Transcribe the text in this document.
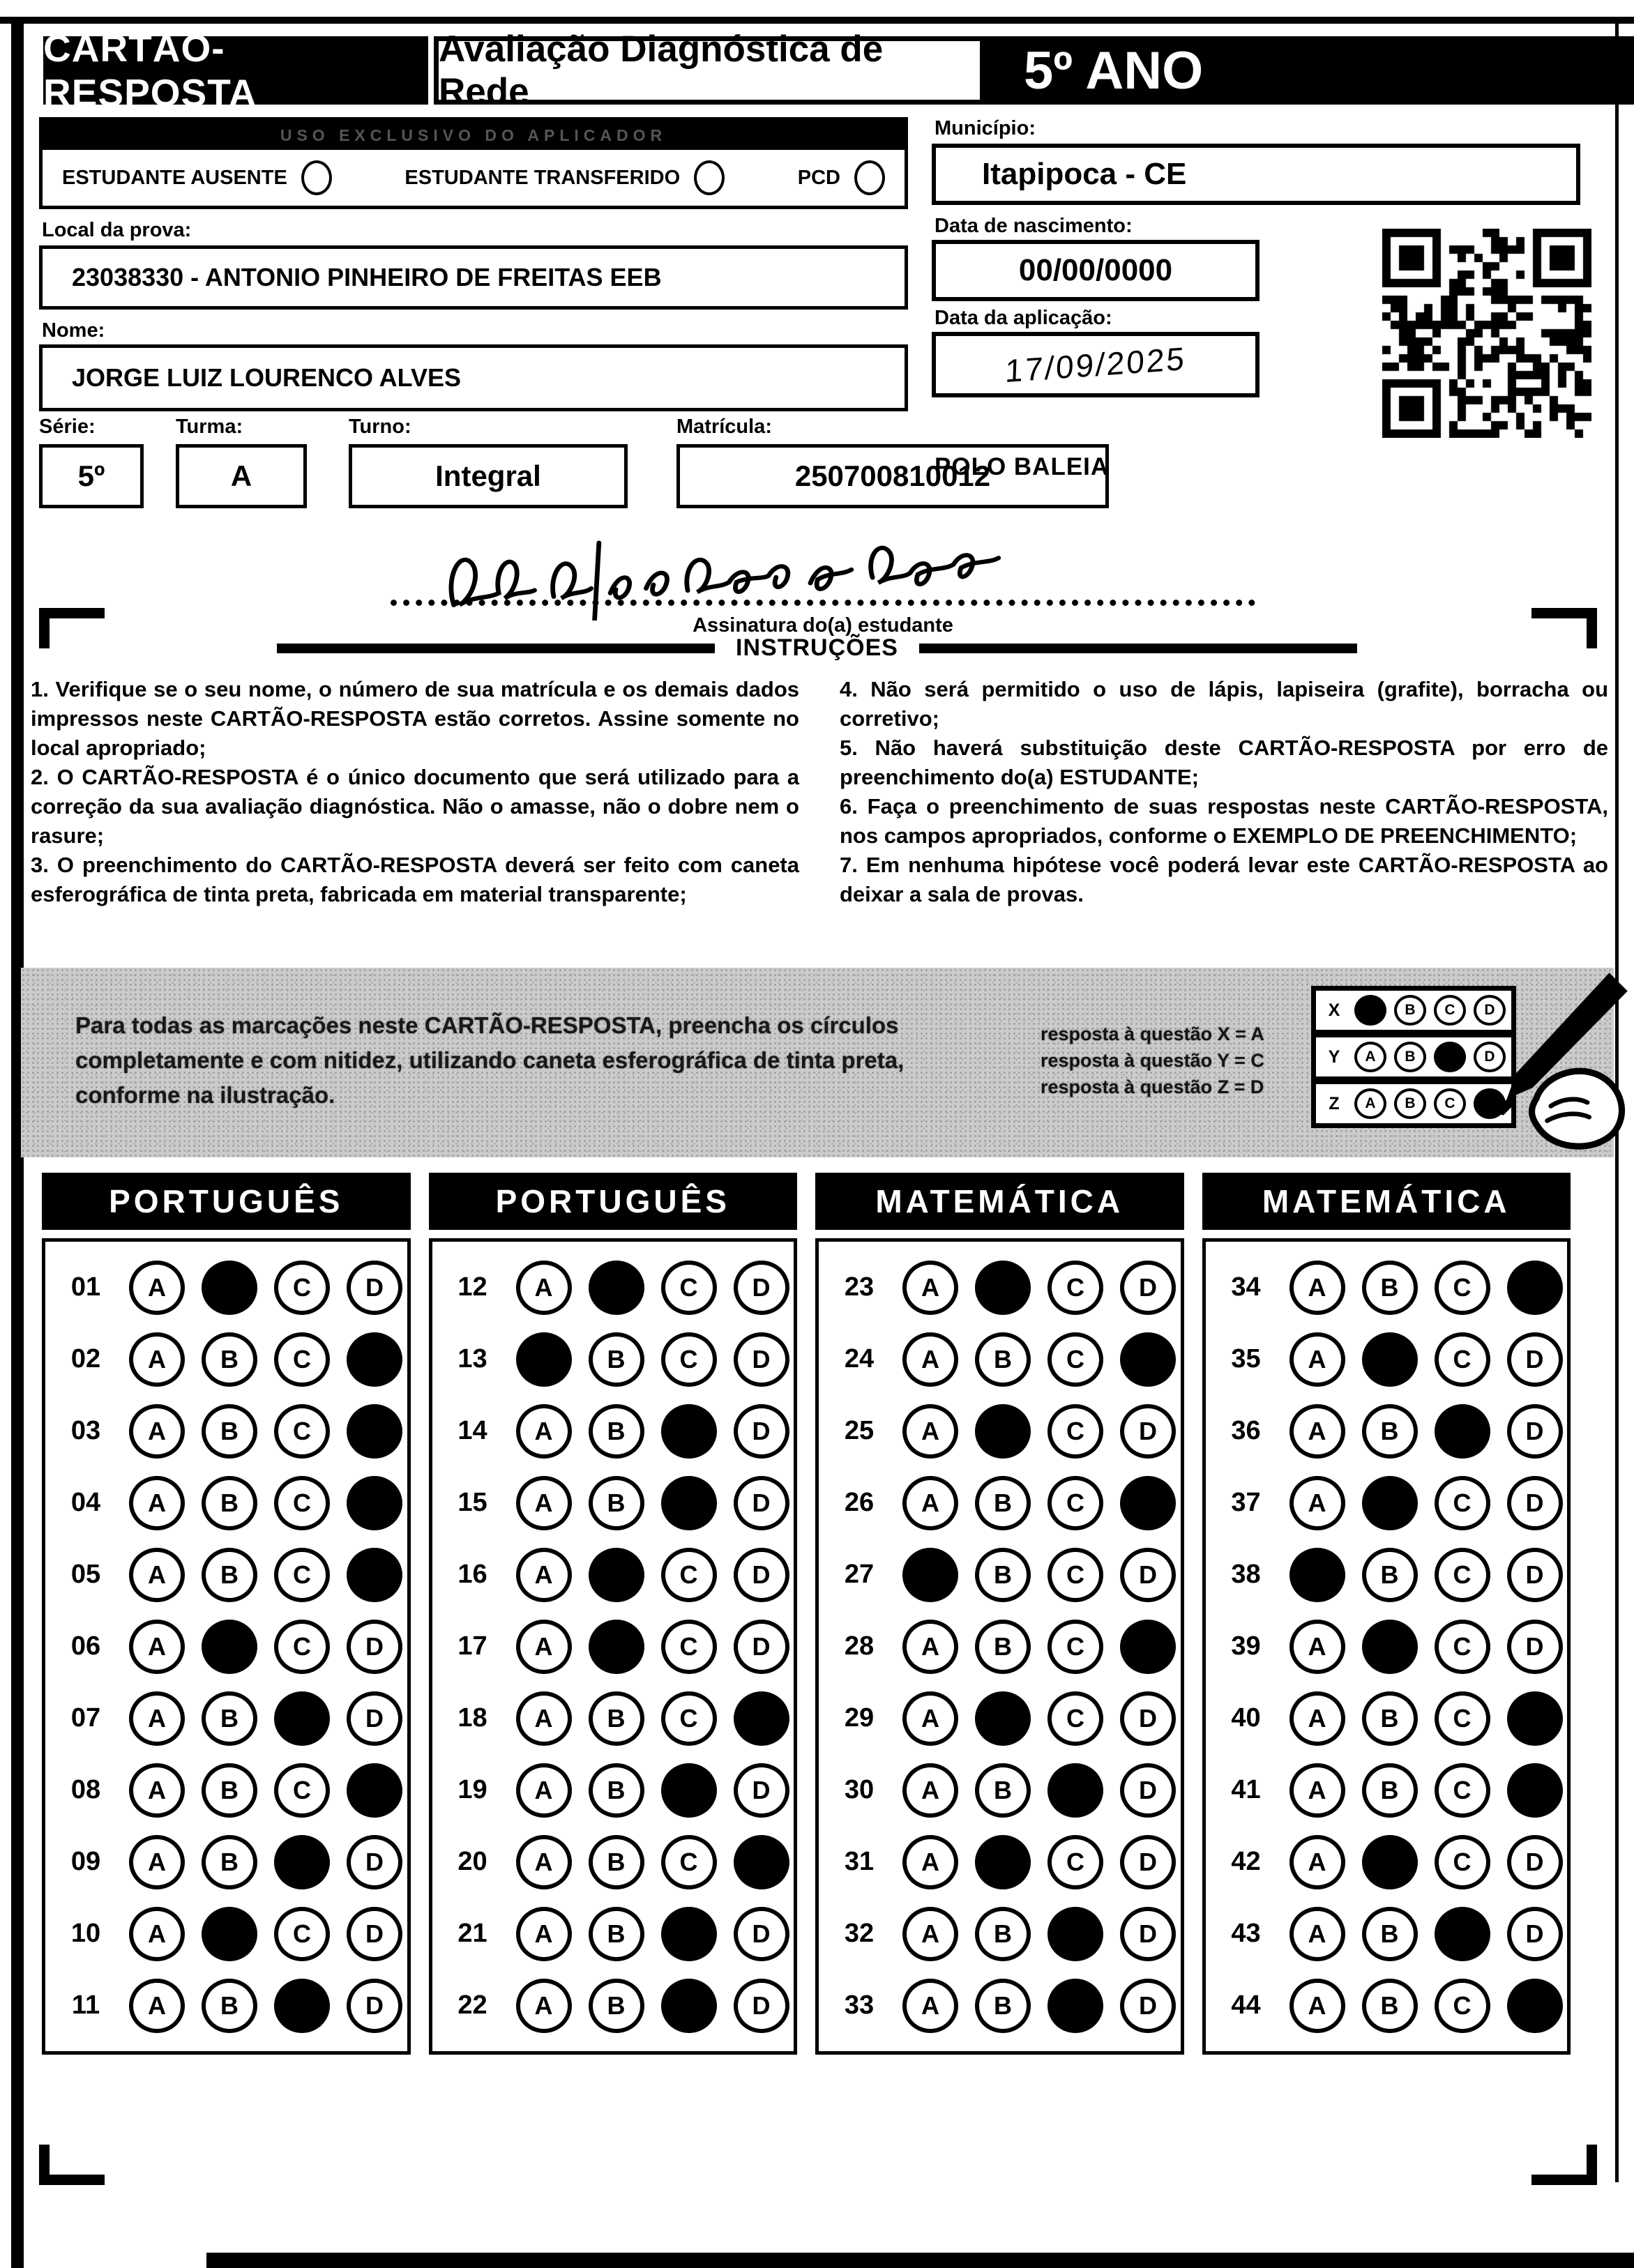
CARTÃO-RESPOSTA
Avaliação Diagnóstica de Rede	5º ANO
USO EXCLUSIVO DO APLICADOR
ESTUDANTE AUSENTE	ESTUDANTE TRANSFERIDO	PCD
Local da prova:
23038330 - ANTONIO PINHEIRO DE FREITAS EEB
Nome:
JORGE LUIZ LOURENCO ALVES
Série:
5º
Turma:
A
Turno:
Integral
Matrícula:
250700810012
Município:
Itapipoca - CE
Data de nascimento:
00/00/0000
Data da aplicação:
17/09/2025
POLO BALEIA
Assinatura do(a) estudante
INSTRUÇÕES

1. Verifique se o seu nome, o número de sua matrícula e os demais dados impressos neste CARTÃO-RESPOSTA estão corretos. Assine somente no local apropriado;

2. O CARTÃO-RESPOSTA é o único documento que será utilizado para a correção da sua avaliação diagnóstica. Não o amasse, não o dobre nem o rasure;

3. O preenchimento do CARTÃO-RESPOSTA deverá ser feito com caneta esferográfica de tinta preta, fabricada em material transparente;

4. Não será permitido o uso de lápis, lapiseira (grafite), borracha ou corretivo;

5. Não haverá substituição deste CARTÃO-RESPOSTA por erro de preenchimento do(a) ESTUDANTE;

6. Faça o preenchimento de suas respostas neste CARTÃO-RESPOSTA, nos campos apropriados, conforme o EXEMPLO DE PREENCHIMENTO;

7. Em nenhuma hipótese você poderá levar este CARTÃO-RESPOSTA ao deixar a sala de provas.

Para todas as marcações neste CARTÃO-RESPOSTA, preencha os círculos completamente e com nitidez, utilizando caneta esferográfica de tinta preta, conforme na ilustração.
resposta à questão X = A
resposta à questão Y = C
resposta à questão Z = D
X	B	C	D
Y	A	B	D
Z	A	B	C
PORTUGUÊS
01	A	C	D
02	A	B	C
03	A	B	C
04	A	B	C
05	A	B	C
06	A	C	D
07	A	B	D
08	A	B	C
09	A	B	D
10	A	C	D
11	A	B	D
PORTUGUÊS
12	A	C	D
13	B	C	D
14	A	B	D
15	A	B	D
16	A	C	D
17	A	C	D
18	A	B	C
19	A	B	D
20	A	B	C
21	A	B	D
22	A	B	D
MATEMÁTICA
23	A	C	D
24	A	B	C
25	A	C	D
26	A	B	C
27	B	C	D
28	A	B	C
29	A	C	D
30	A	B	D
31	A	C	D
32	A	B	D
33	A	B	D
MATEMÁTICA
34	A	B	C
35	A	C	D
36	A	B	D
37	A	C	D
38	B	C	D
39	A	C	D
40	A	B	C
41	A	B	C
42	A	C	D
43	A	B	D
44	A	B	C
